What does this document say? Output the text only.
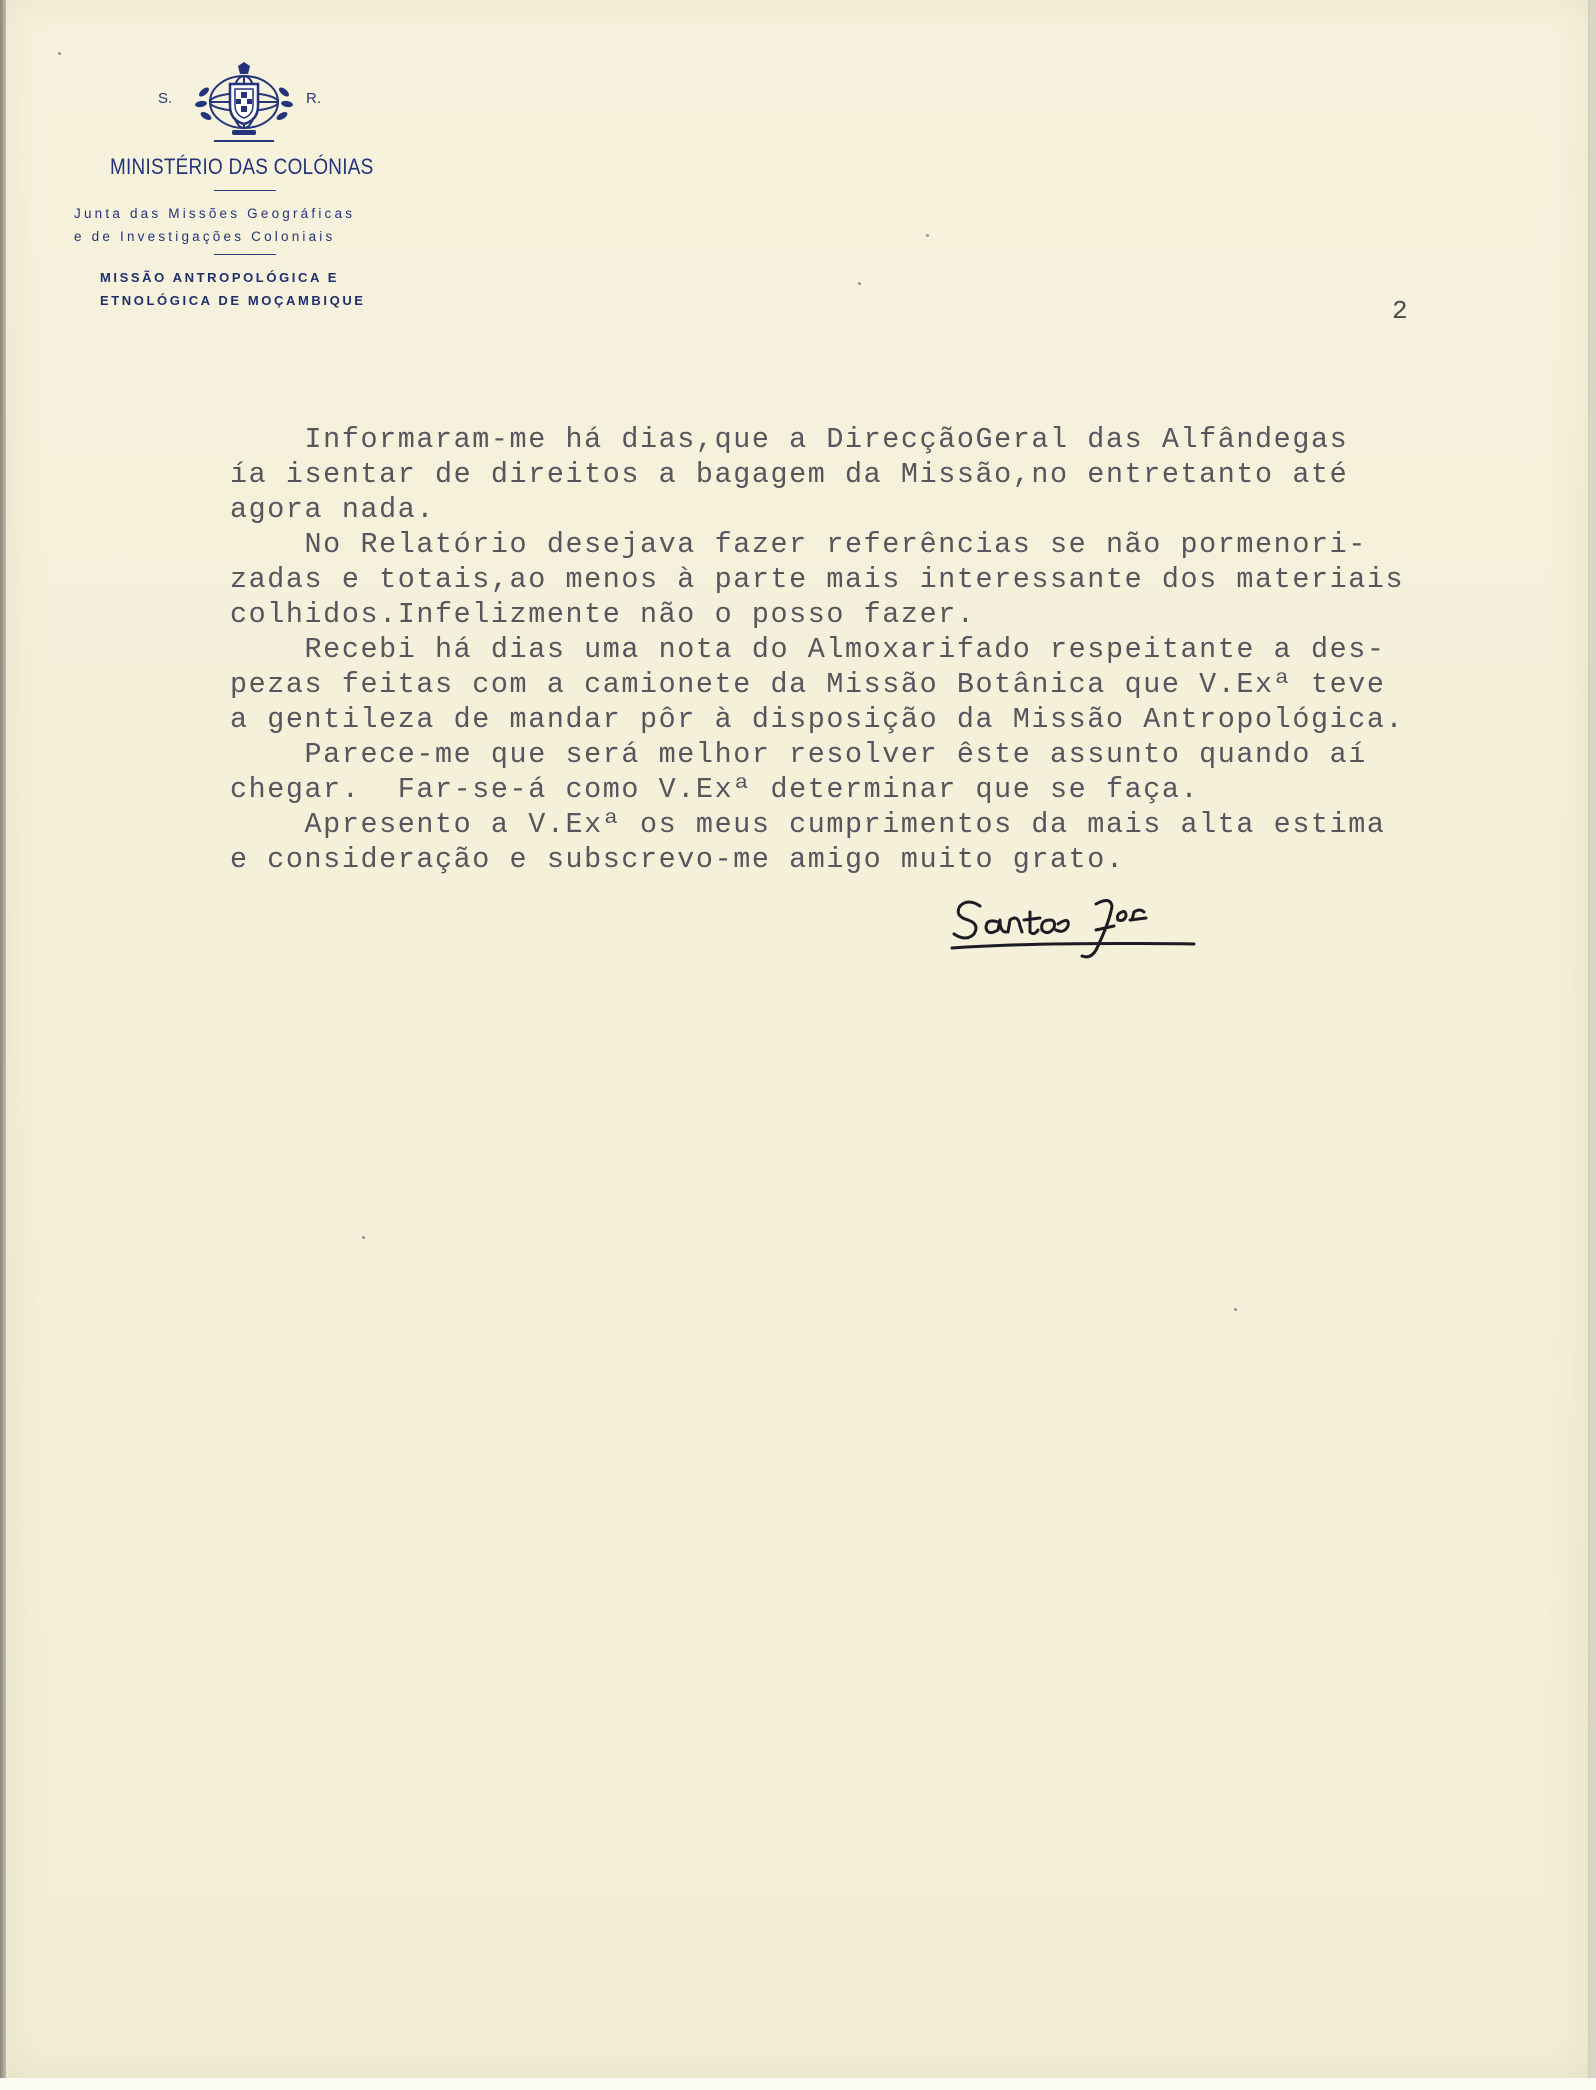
S.	R.
MINISTÉRIO DAS COLÓNIAS
Junta das Missões Geográficas
e de Investigações Coloniais
MISSÃO ANTROPOLÓGICA E
ETNOLÓGICA DE MOÇAMBIQUE	2
Informaram-me há dias,que a DirecçãoGeral das Alfândegas
ía isentar de direitos a bagagem da Missão,no entretanto até
agora nada.
No Relatório desejava fazer referências se não pormenori-
zadas e totais,ao menos à parte mais interessante dos materiais
colhidos.Infelizmente não o posso fazer.
Recebi há dias uma nota do Almoxarifado respeitante a des-
pezas feitas com a camionete da Missão Botânica que V.Exª teve
a gentileza de mandar pôr à disposição da Missão Antropológica.
Parece-me que será melhor resolver êste assunto quando aí
chegar.  Far-se-á como V.Exª determinar que se faça.
Apresento a V.Exª os meus cumprimentos da mais alta estima
e consideração e subscrevo-me amigo muito grato.
